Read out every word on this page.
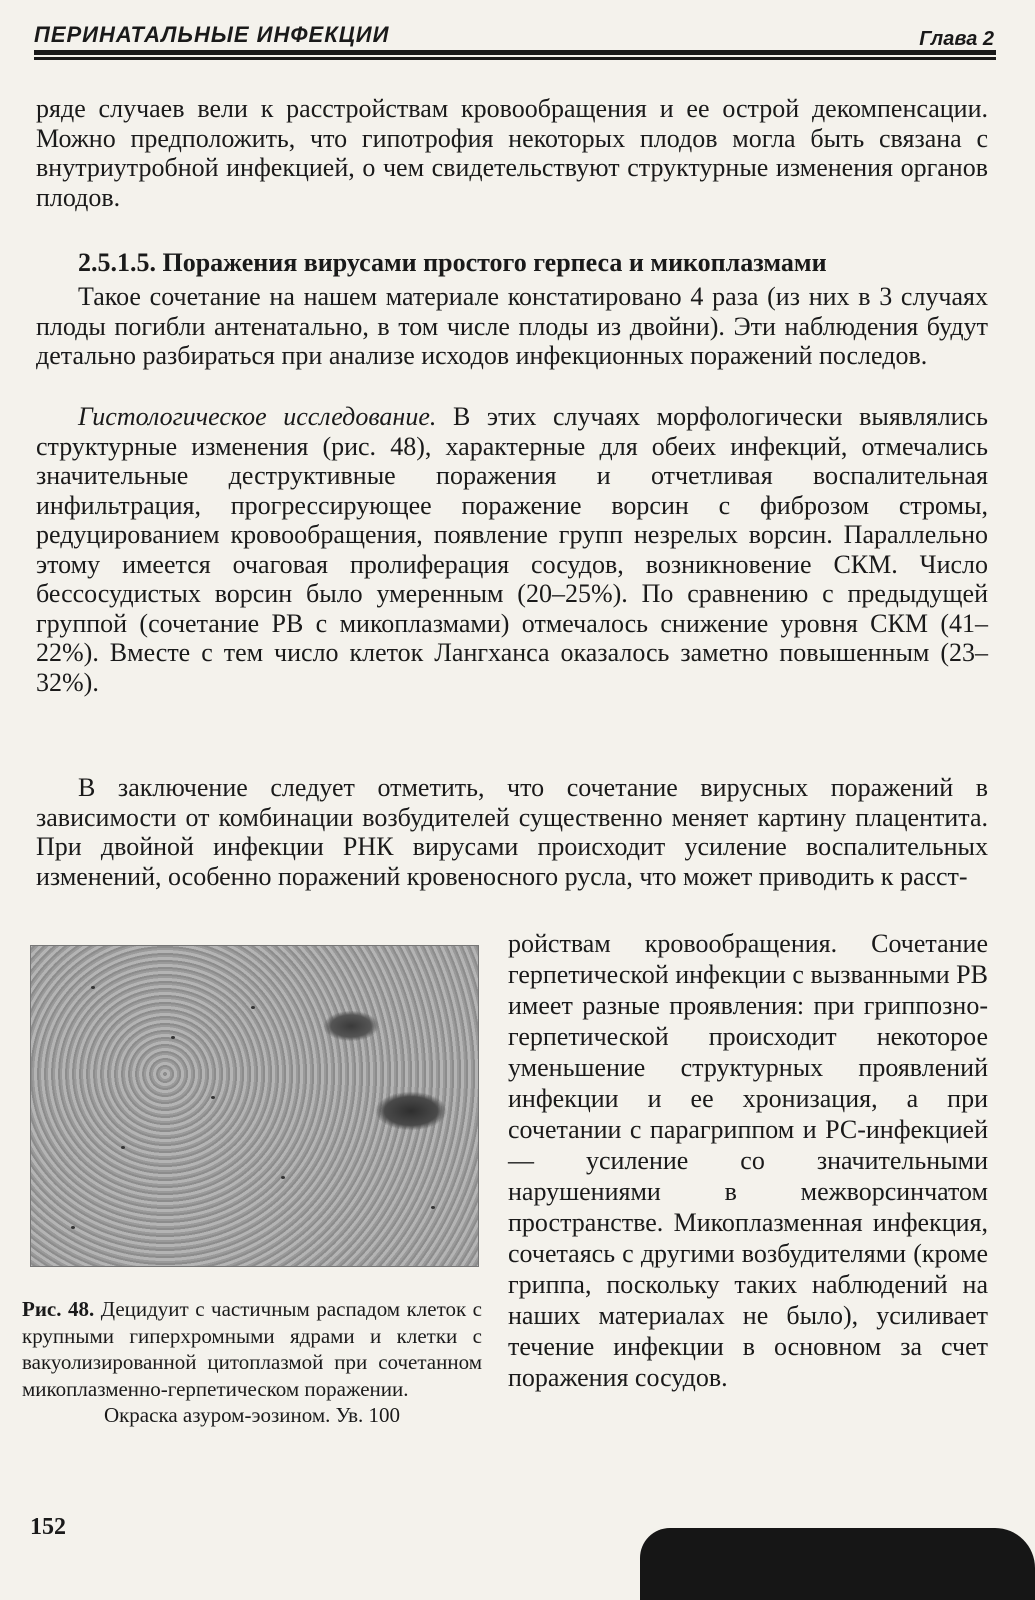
ПЕРИНАТАЛЬНЫЕ ИНФЕКЦИИ	Глава 2
ряде случаев вели к расстройствам кровообращения и ее острой декомпенсации. Можно предположить, что гипотрофия некоторых плодов могла быть связана с внутриутробной инфекцией, о чем свидетельствуют структурные изменения органов плодов.
2.5.1.5. Поражения вирусами простого герпеса и микоплазмами
Такое сочетание на нашем материале констатировано 4 раза (из них в 3 случаях плоды погибли антенатально, в том числе плоды из двойни). Эти наблюдения будут детально разбираться при анализе исходов инфекционных поражений последов.
Гистологическое исследование. В этих случаях морфологически выявлялись структурные изменения (рис. 48), характерные для обеих инфекций, отмечались значительные деструктивные поражения и отчетливая воспалительная инфильтрация, прогрессирующее поражение ворсин с фиброзом стромы, редуцированием кровообращения, появление групп незрелых ворсин. Параллельно этому имеется очаговая пролиферация сосудов, возникновение СКМ. Число бессосудистых ворсин было умеренным (20–25%). По сравнению с предыдущей группой (сочетание РВ с микоплазмами) отмечалось снижение уровня СКМ (41–22%). Вместе с тем число клеток Лангханса оказалось заметно повышенным (23–32%).
В заключение следует отметить, что сочетание вирусных поражений в зависимости от комбинации возбудителей существенно меняет картину плацентита. При двойной инфекции РНК вирусами происходит усиление воспалительных изменений, особенно поражений кровеносного русла, что может приводить к расст-
Рис. 48. Децидуит с частичным распадом клеток с крупными гиперхромными ядрами и клетки с вакуолизированной цитоплазмой при сочетанном микоплазменно-герпетическом поражении.
Окраска азуром-эозином. Ув. 100
ройствам кровообращения. Сочетание герпетической инфекции с вызванными РВ имеет разные проявления: при гриппозно-герпетической происходит некоторое уменьшение структурных проявлений инфекции и ее хронизация, а при сочетании с парагриппом и РС-инфекцией — усиление со значительными нарушениями в межворсинчатом пространстве. Микоплазменная инфекция, сочетаясь с другими возбудителями (кроме гриппа, поскольку таких наблюдений на наших материалах не было), усиливает течение инфекции в основном за счет поражения сосудов.
152
